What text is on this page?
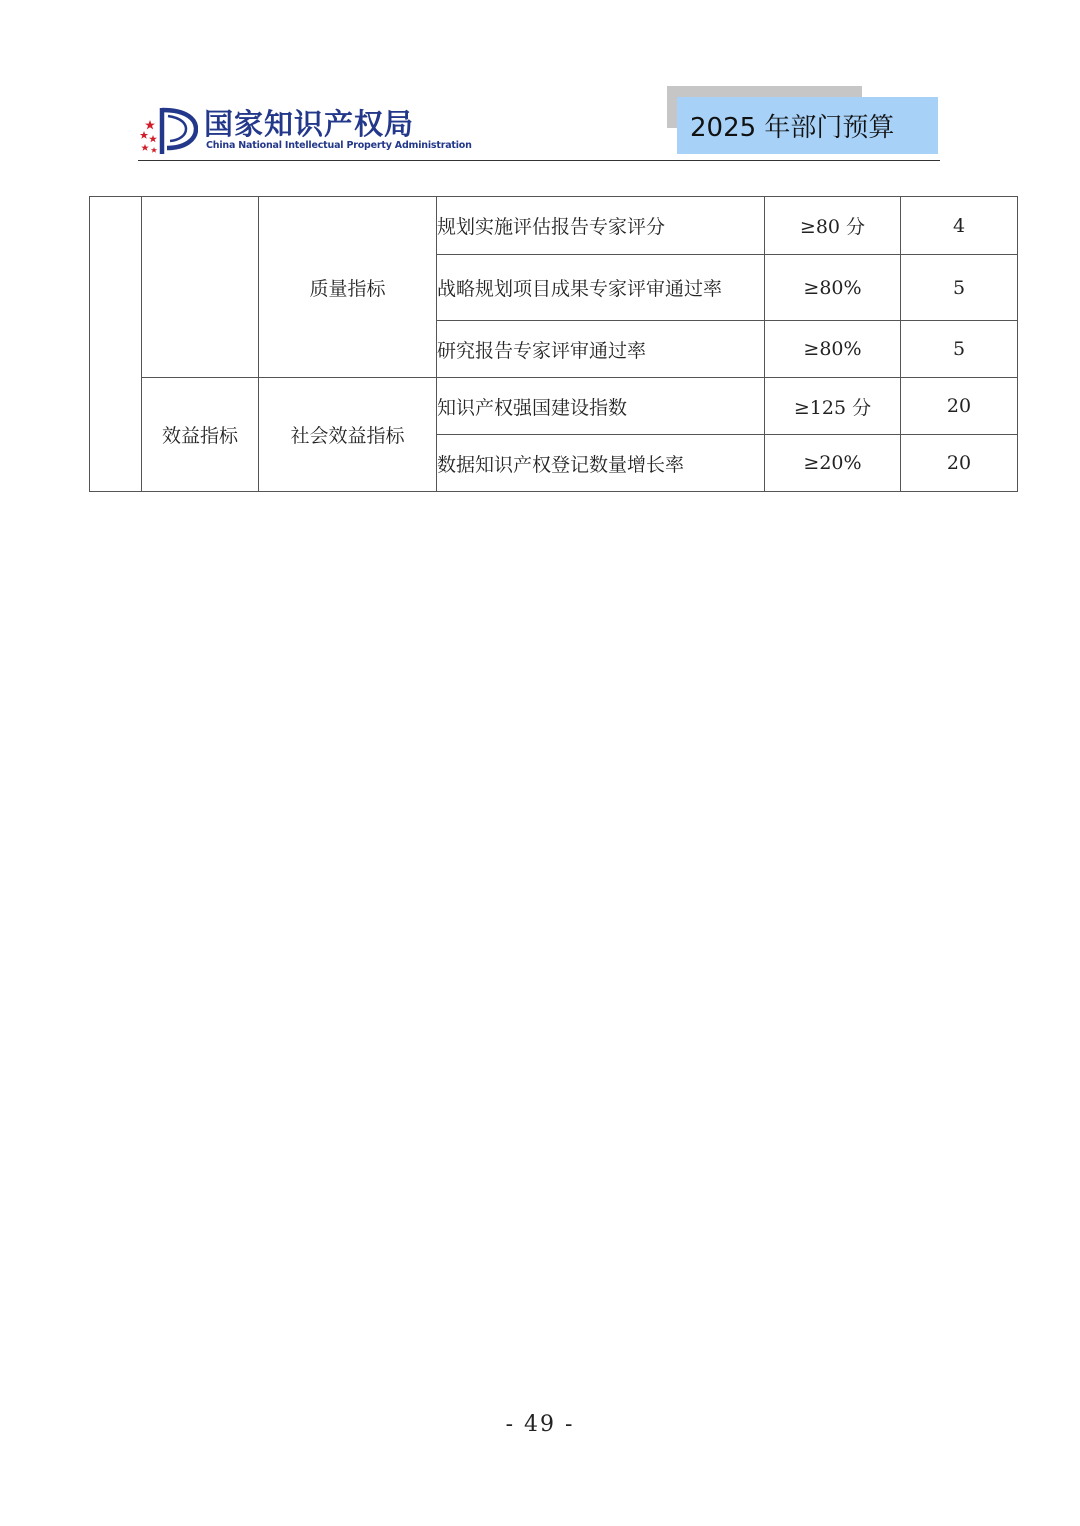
国家知识产权局
China National Intellectual Property Administration
2025 年部门预算
		质量指标	规划实施评估报告专家评分	≥80 分	4
			战略规划项目成果专家评审通过率	≥80%	5
			研究报告专家评审通过率	≥80%	5
	效益指标	社会效益指标	知识产权强国建设指数	≥125 分	20
			数据知识产权登记数量增长率	≥20%	20
- 49 -
